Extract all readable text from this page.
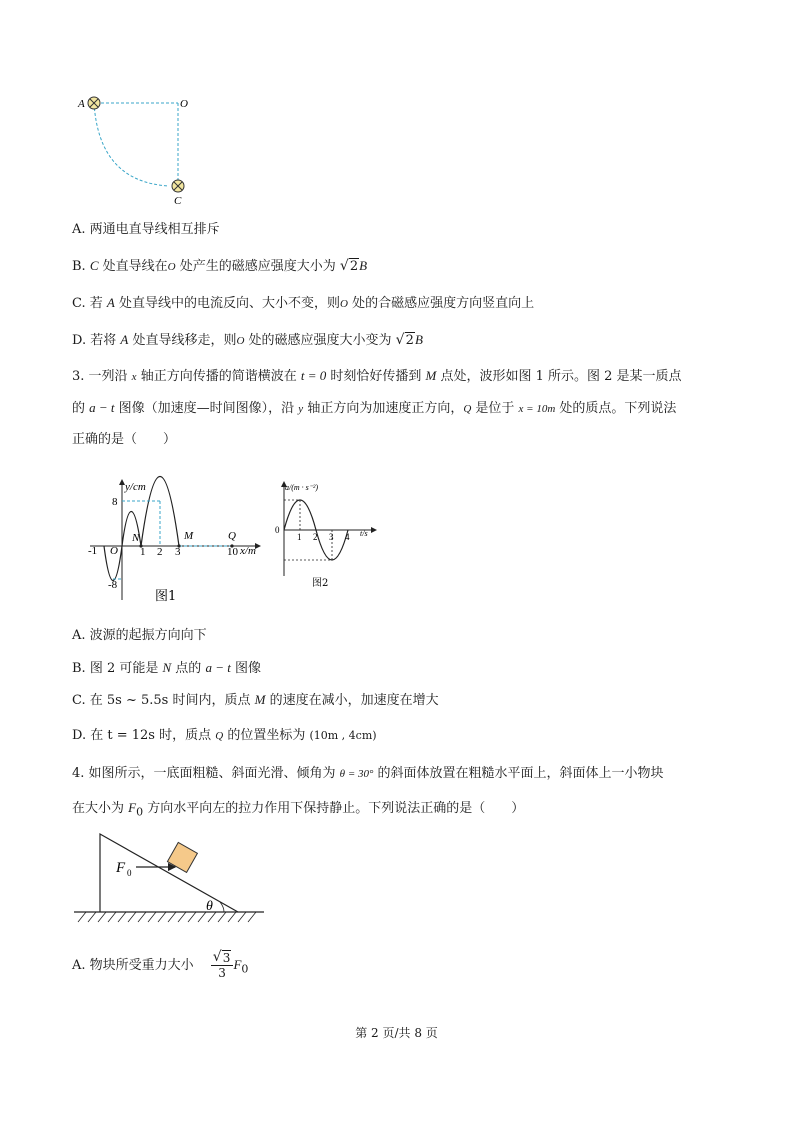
A	O
C
A. 两通电直导线相互排斥
B. C 处直导线在O 处产生的磁感应强度大小为 √ 2B
C. 若 A 处直导线中的电流反向、大小不变，则O 处的合磁感应强度方向竖直向上
D. 若将 A 处直导线移走，则O 处的磁感应强度大小变为 √ 2B
3. 一列沿 x 轴正方向传播的简谐横波在 t = 0 时刻恰好传播到 M 点处，波形如图 1 所示。图 2 是某一质点
的 a − t 图像（加速度—时间图像），沿 y 轴正方向为加速度正方向，Q 是位于 x = 10m 处的质点。下列说法
正确的是（　　）
y/cm
8
-8
-1 O 1 2 3	10
N	M	Q
x/m
图1
a/(m · s⁻²)
0
1 2 3 4 t/s
图2
A. 波源的起振方向向下
B. 图 2 可能是 N 点的 a − t 图像
C. 在 5s ~ 5.5s 时间内，质点 M 的速度在减小，加速度在增大
D. 在 t = 12s 时，质点 Q 的位置坐标为 (10m , 4cm)
4. 如图所示，一底面粗糙、斜面光滑、倾角为 θ = 30° 的斜面体放置在粗糙水平面上，斜面体上一小物块
在大小为 $F_0$ 方向水平向左的拉力作用下保持静止。下列说法正确的是（　　）
F 0
θ
A. 物块所受重力大小　
√ $\frac{3}{3} F_0$
第 2 页/共 8 页
